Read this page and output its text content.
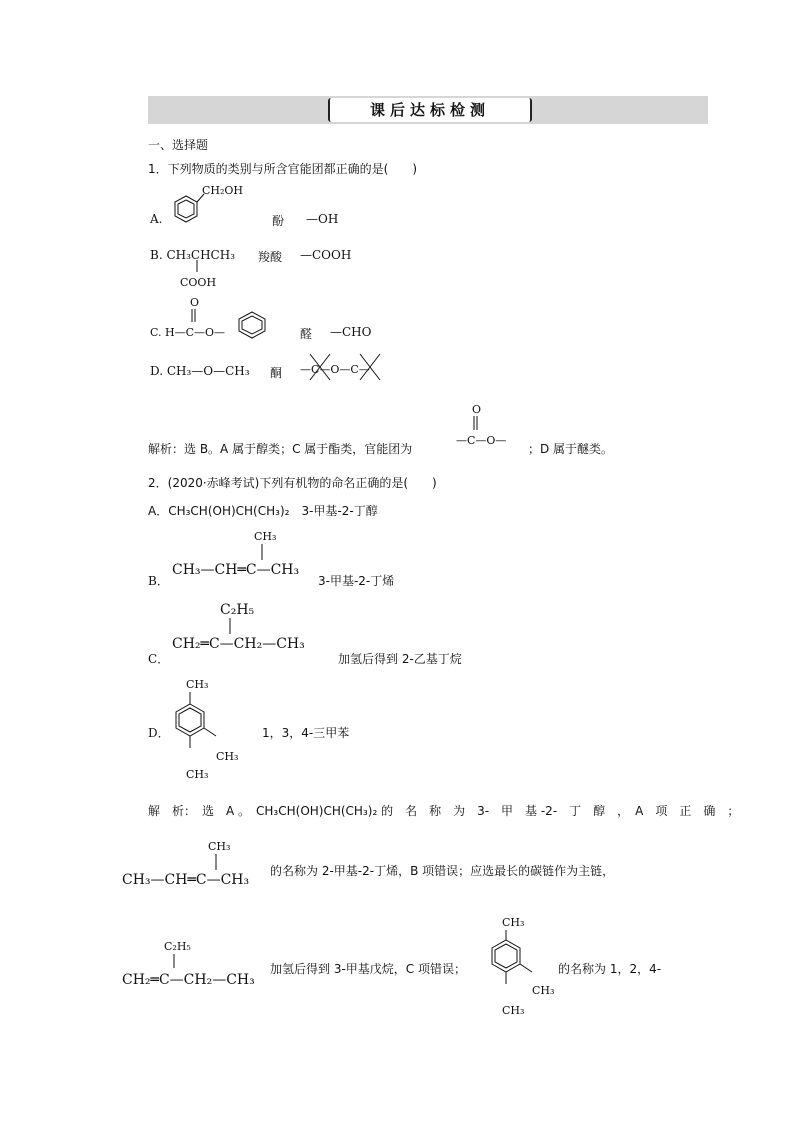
课后达标检测
一、选择题
1．下列物质的类别与所含官能团都正确的是(　　)
A.
CH₂OH
酚 —OH
B. CH₃CHCH₃
COOH
羧酸 —COOH
O
C. H—C—O—	醛 —CHO
D. CH₃—O—CH₃ 酮 —C—O—C—
解析：选 B。A 属于醇类；C 属于酯类，官能团为
O
—C—O—
；D 属于醚类。
2．(2020·赤峰考试)下列有机物的命名正确的是(　　)
A．CH₃CH(OH)CH(CH₃)₂　3-甲基-2-丁醇
B．
CH₃
CH₃—CH═C—CH₃
3-甲基-2-丁烯
C．
C₂H₅
CH₂═C—CH₂—CH₃
加氢后得到 2-乙基丁烷
D．
CH₃
CH₃
CH₃
1，3，4-三甲苯
解　析：　选　A 。　CH₃CH(OH)CH(CH₃)₂ 的　名　称　为　3-　甲　基 -2-　丁　醇　，　A　项　正　确　；
CH₃
CH₃—CH═C—CH₃
的名称为 2-甲基-2-丁烯，B 项错误；应选最长的碳链作为主链，
C₂H₅
CH₂═C—CH₂—CH₃
加氢后得到 3-甲基戊烷，C 项错误；
CH₃
CH₃
CH₃
的名称为 1，2，4-
